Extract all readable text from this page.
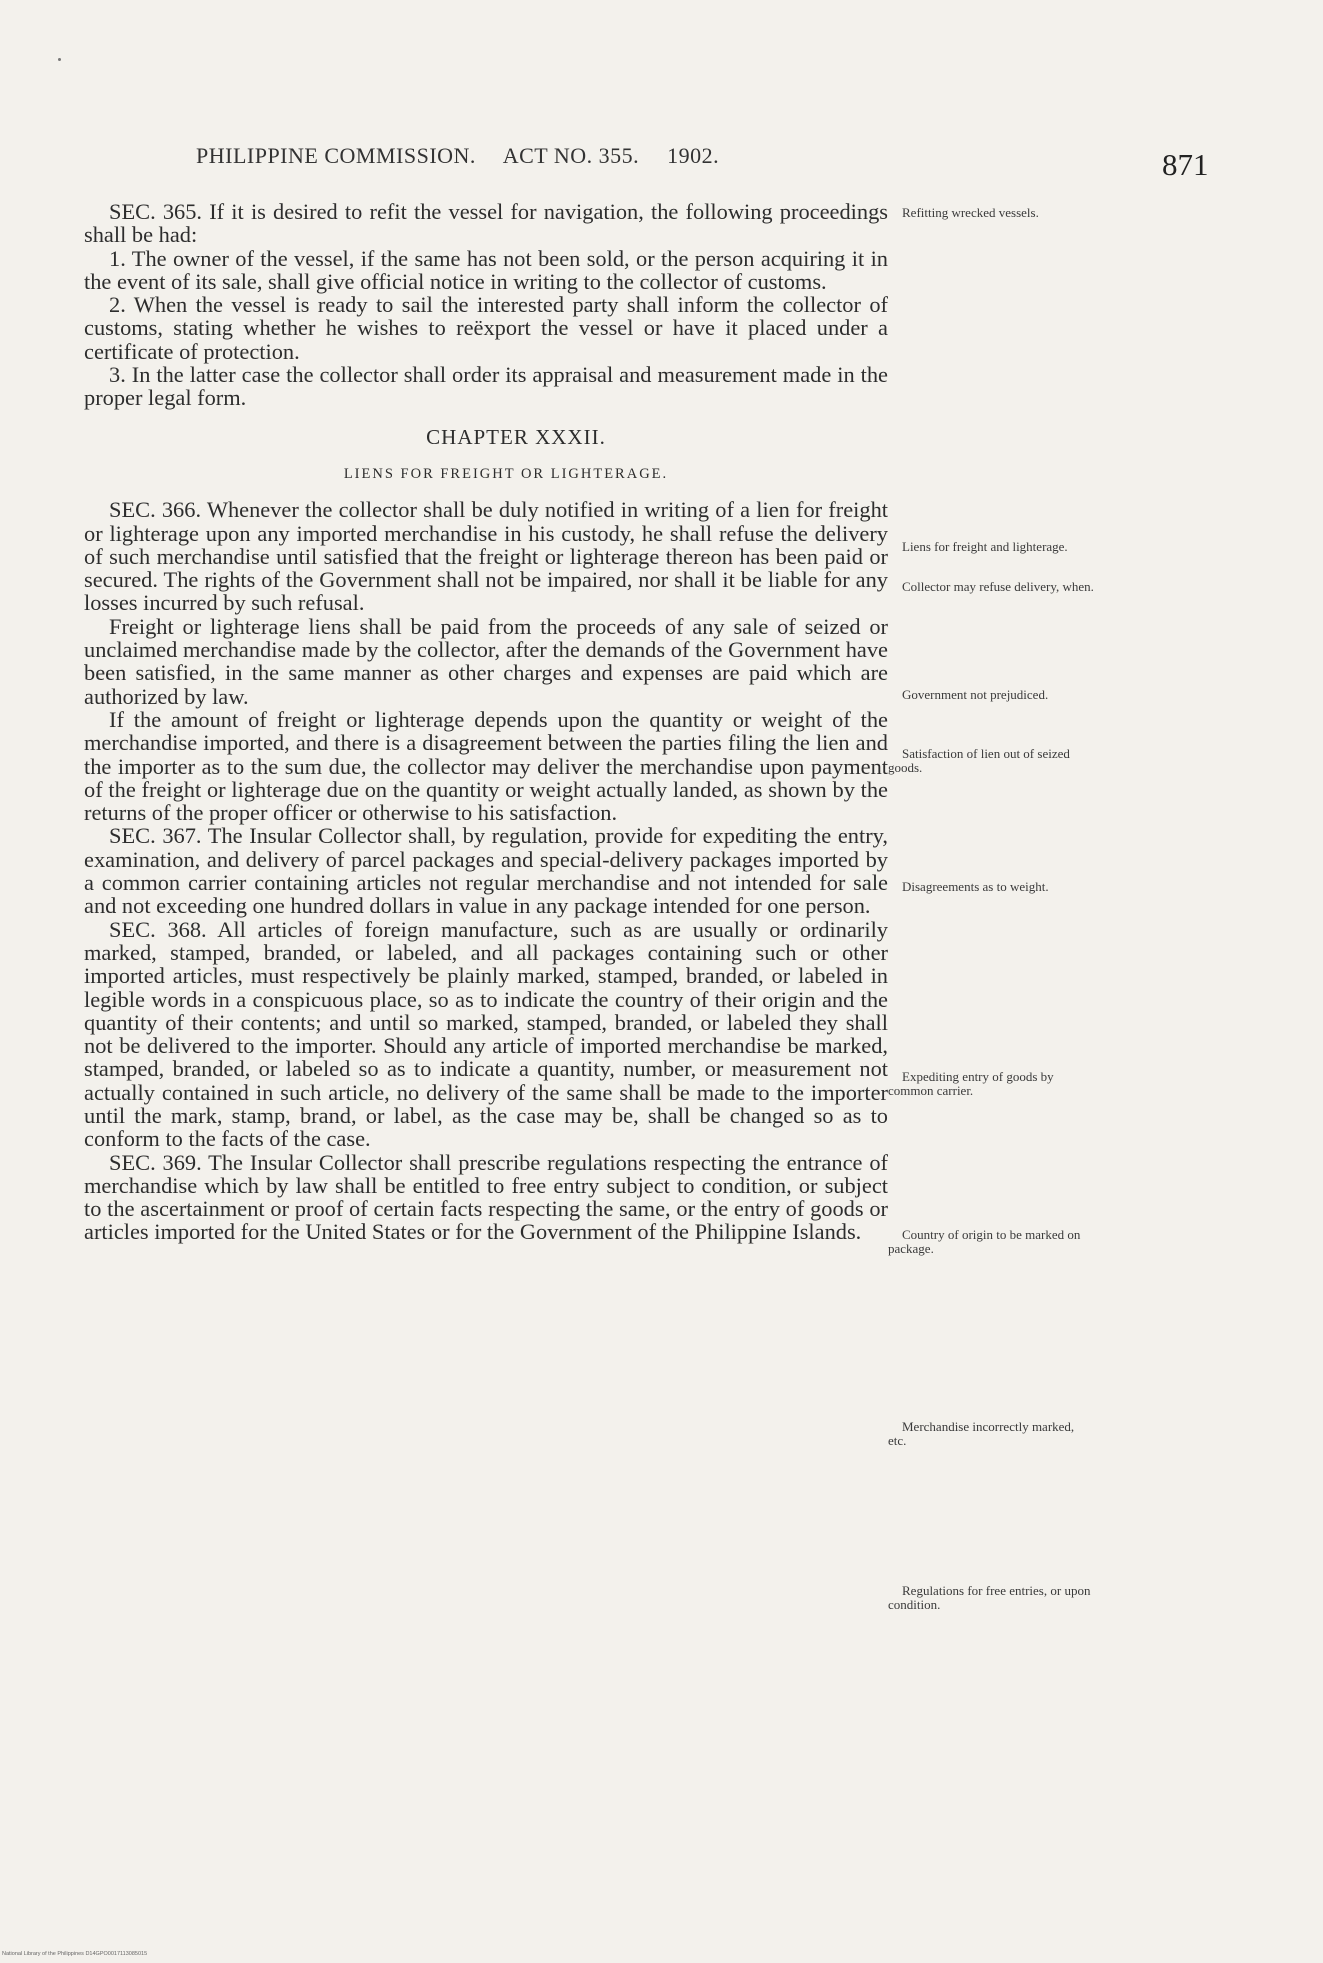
PHILIPPINE COMMISSION. ACT NO. 355. 1902.	871

SEC. 365. If it is desired to refit the vessel for navigation, the following proceedings shall be had:

1. The owner of the vessel, if the same has not been sold, or the person acquiring it in the event of its sale, shall give official notice in writing to the collector of customs.

2. When the vessel is ready to sail the interested party shall inform the collector of customs, stating whether he wishes to reëxport the vessel or have it placed under a certificate of protection.

3. In the latter case the collector shall order its appraisal and measurement made in the proper legal form.

CHAPTER XXXII.

LIENS FOR FREIGHT OR LIGHTERAGE.

SEC. 366. Whenever the collector shall be duly notified in writing of a lien for freight or lighterage upon any imported merchandise in his custody, he shall refuse the delivery of such merchandise until satisfied that the freight or lighterage thereon has been paid or secured. The rights of the Government shall not be impaired, nor shall it be liable for any losses incurred by such refusal.

Freight or lighterage liens shall be paid from the proceeds of any sale of seized or unclaimed merchandise made by the collector, after the demands of the Government have been satisfied, in the same manner as other charges and expenses are paid which are authorized by law.

If the amount of freight or lighterage depends upon the quantity or weight of the merchandise imported, and there is a disagreement between the parties filing the lien and the importer as to the sum due, the collector may deliver the merchandise upon payment of the freight or lighterage due on the quantity or weight actually landed, as shown by the returns of the proper officer or otherwise to his satisfaction.

SEC. 367. The Insular Collector shall, by regulation, provide for expediting the entry, examination, and delivery of parcel packages and special-delivery packages imported by a common carrier containing articles not regular merchandise and not intended for sale and not exceeding one hundred dollars in value in any package intended for one person.

SEC. 368. All articles of foreign manufacture, such as are usually or ordinarily marked, stamped, branded, or labeled, and all packages containing such or other imported articles, must respectively be plainly marked, stamped, branded, or labeled in legible words in a conspicuous place, so as to indicate the country of their origin and the quantity of their contents; and until so marked, stamped, branded, or labeled they shall not be delivered to the importer. Should any article of imported merchandise be marked, stamped, branded, or labeled so as to indicate a quantity, number, or measurement not actually contained in such article, no delivery of the same shall be made to the importer until the mark, stamp, brand, or label, as the case may be, shall be changed so as to conform to the facts of the case.

SEC. 369. The Insular Collector shall prescribe regulations respecting the entrance of merchandise which by law shall be entitled to free entry subject to condition, or subject to the ascertainment or proof of certain facts respecting the same, or the entry of goods or articles imported for the United States or for the Government of the Philippine Islands.

Refitting wrecked vessels.
Liens for freight and lighterage.
Collector may refuse delivery, when.
Government not prejudiced.
Satisfaction of lien out of seized goods.
Disagreements as to weight.
Expediting entry of goods by common carrier.
Country of origin to be marked on package.
Merchandise incorrectly marked, etc.
Regulations for free entries, or upon condition.
National Library of the Philippines D14GPO0017113085015
